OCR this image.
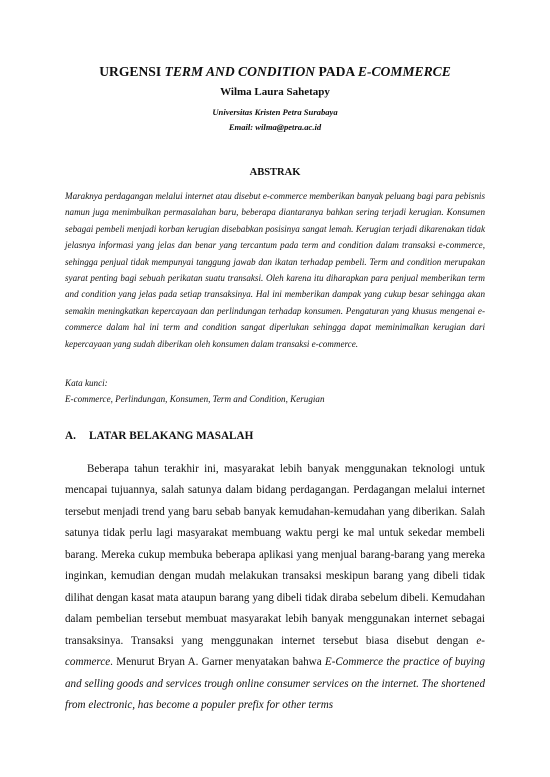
URGENSI TERM AND CONDITION PADA E-COMMERCE
Wilma Laura Sahetapy
Universitas Kristen Petra Surabaya
Email: wilma@petra.ac.id
ABSTRAK

Maraknya perdagangan melalui internet atau disebut e-commerce memberikan banyak peluang bagi para pebisnis namun juga menimbulkan permasalahan baru, beberapa diantaranya bahkan sering terjadi kerugian. Konsumen sebagai pembeli menjadi korban kerugian disebabkan posisinya sangat lemah. Kerugian terjadi dikarenakan tidak jelasnya informasi yang jelas dan benar yang tercantum pada term and condition dalam transaksi e-commerce, sehingga penjual tidak mempunyai tanggung jawab dan ikatan terhadap pembeli. Term and condition merupakan syarat penting bagi sebuah perikatan suatu transaksi. Oleh karena itu diharapkan para penjual memberikan term and condition yang jelas pada setiap transaksinya. Hal ini memberikan dampak yang cukup besar sehingga akan semakin meningkatkan kepercayaan dan perlindungan terhadap konsumen. Pengaturan yang khusus mengenai e-commerce dalam hal ini term and condition sangat diperlukan sehingga dapat meminimalkan kerugian dari kepercayaan yang sudah diberikan oleh konsumen dalam transaksi e-commerce.

Kata kunci:
E-commerce, Perlindungan, Konsumen, Term and Condition, Kerugian
A. LATAR BELAKANG MASALAH

Beberapa tahun terakhir ini, masyarakat lebih banyak menggunakan teknologi untuk mencapai tujuannya, salah satunya dalam bidang perdagangan. Perdagangan melalui internet tersebut menjadi trend yang baru sebab banyak kemudahan-kemudahan yang diberikan. Salah satunya tidak perlu lagi masyarakat membuang waktu pergi ke mal untuk sekedar membeli barang. Mereka cukup membuka beberapa aplikasi yang menjual barang-barang yang mereka inginkan, kemudian dengan mudah melakukan transaksi meskipun barang yang dibeli tidak dilihat dengan kasat mata ataupun barang yang dibeli tidak diraba sebelum dibeli. Kemudahan dalam pembelian tersebut membuat masyarakat lebih banyak menggunakan internet sebagai transaksinya. Transaksi yang menggunakan internet tersebut biasa disebut dengan e-commerce. Menurut Bryan A. Garner menyatakan bahwa E-Commerce the practice of buying and selling goods and services trough online consumer services on the internet. The shortened from electronic, has become a populer prefix for other terms
